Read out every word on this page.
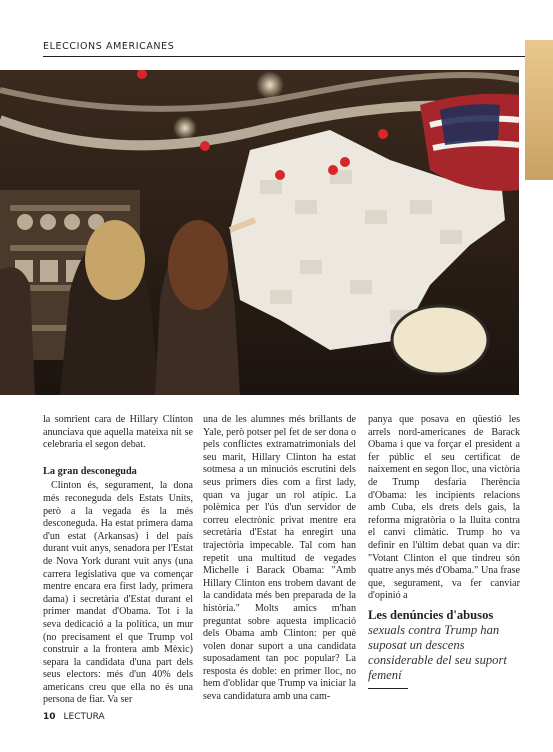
ELECCIONS AMERICANES

la somrient cara de Hillary Clinton anunciava que aquella mateixa nit se celebraria el segon debat.

La gran desconeguda

Clinton és, segurament, la dona més reconeguda dels Estats Units, però a la vegada és la més desconeguda. Ha estat primera dama d'un estat (Arkansas) i del país durant vuit anys, senadora per l'Estat de Nova York durant vuit anys (una carrera legislativa que va començar mentre encara era first lady, primera dama) i secretària d'Estat durant el primer mandat d'Obama. Tot i la seva dedicació a la política, un mur (no precisament el que Trump vol construir a la frontera amb Mèxic) separa la candidata d'una part dels seus electors: més d'un 40% dels americans creu que ella no és una persona de fiar. Va ser

una de les alumnes més brillants de Yale, però potser pel fet de ser dona o pels conflictes extramatrimonials del seu marit, Hillary Clinton ha estat sotmesa a un minuciós escrutini dels seus primers dies com a first lady, quan va jugar un rol atípic. La polèmica per l'ús d'un servidor de correu electrònic privat mentre era secretària d'Estat ha enregirt una trajectòria impecable. Tal com han repetit una multitud de vegades Michelle i Barack Obama: "Amb Hillary Clinton ens trobem davant de la candidata més ben preparada de la història." Molts amics m'han preguntat sobre aquesta implicació dels Obama amb Clinton: per què volen donar suport a una candidata suposadament tan poc popular? La resposta és doble: en primer lloc, no hem d'oblidar que Trump va iniciar la seva candidatura amb una cam-

panya que posava en qüestió les arrels nord-americanes de Barack Obama i que va forçar el president a fer públic el seu certificat de naixement en segon lloc, una victòria de Trump desfaria l'herència d'Obama: les incipients relacions amb Cuba, els drets dels gais, la reforma migratòria o la lluita contra el canvi climàtic. Trump ho va definir en l'últim debat quan va dir: "Votant Clinton el que tindreu són quatre anys més d'Obama." Una frase que, segurament, va fer canviar d'opinió a

Les denúncies d'abusos
sexuals contra Trump han suposat un descens considerable del seu suport femení
10 LECTURA
